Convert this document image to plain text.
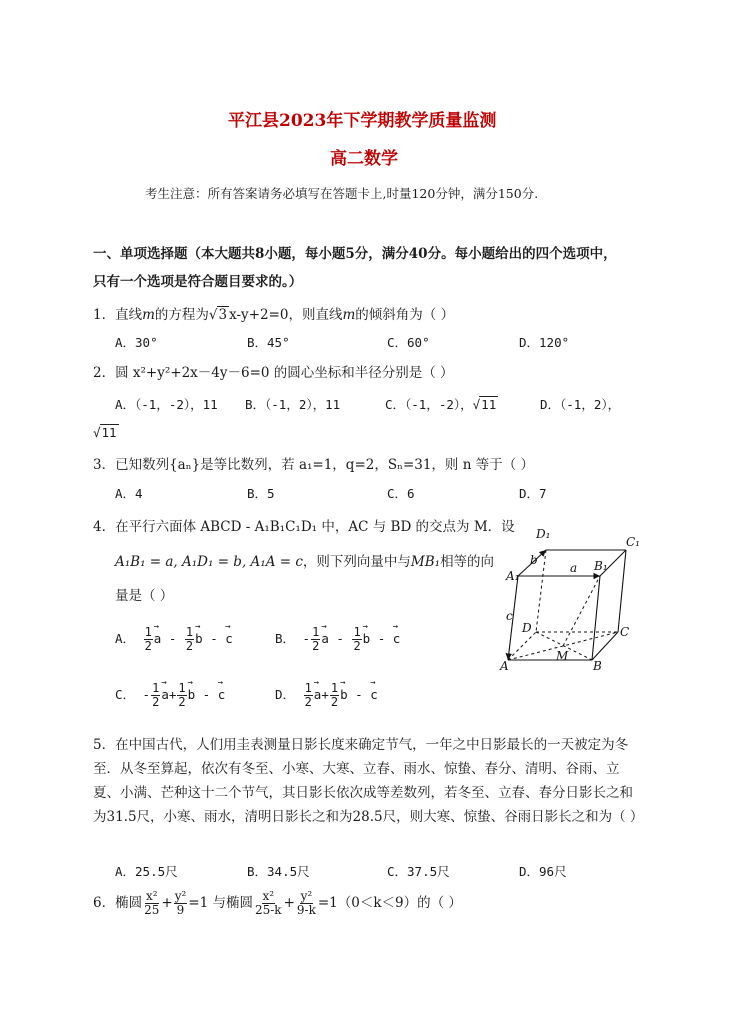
平江县2023年下学期教学质量监测
高二数学
考生注意：所有答案请务必填写在答题卡上,时量120分钟，满分150分.
一、单项选择题（本大题共8小题，每小题5分，满分40分。每小题给出的四个选项中，
只有一个选项是符合题目要求的。）
1．直线m的方程为√3 x-y+2=0，则直线m的倾斜角为（ ）
A．30°	B．45°	C．60°	D．120°
2．圆 x²+y²+2x－4y－6=0 的圆心坐标和半径分别是（ ）
A．（-1，-2），11 B．（-1，2），11	C．（-1，-2），√11	D．（-1，2），
√11
3．已知数列{aₙ}是等比数列，若 a₁=1，q=2，Sₙ=31，则 n 等于（ ）
A．4	B．5	C．6	D．7
4．在平行六面体 ABCD - A₁B₁C₁D₁ 中，AC 与 BD 的交点为 M．设
A₁B₁ = a, A₁D₁ = b, A₁A = c，则下列向量中与MB₁相等的向
量是（ ）
A． $\frac{1}{2}$
→ a - $\frac{1}{2}$
→ b - → c	B． - $\frac{1}{2}$
→ a - $\frac{1}{2}$
→ b - → c
C． - $\frac{1}{2}$
→ $a+ \frac{1}{2}$
→ b - → c	D． $\frac{1}{2}$
→ $a+ \frac{1}{2}$
→ b - → c
D₁
C₁
A₁
B₁
a
b
c
D	C
A	B
M
5．在中国古代，人们用圭表测量日影长度来确定节气，一年之中日影最长的一天被定为冬至．从冬至算起，依次有冬至、小寒、大寒、立春、雨水、惊蛰、春分、清明、谷雨、立夏、小满、芒种这十二个节气，其日影长依次成等差数列，若冬至、立春、春分日影长之和为31.5尺，小寒、雨水，清明日影长之和为28.5尺，则大寒、惊蛰、谷雨日影长之和为（ ）
A．25.5尺	B．34.5尺	C．37.5尺	D．96尺
6．椭圆 $\frac{\text{x²}}{25} + \frac{\text{y²}}{9} =1$ 与椭圆 $\frac{\text{x²}}{25-k} + \frac{\text{y²}}{9-k} =1(0<k<9)$的（ ）
